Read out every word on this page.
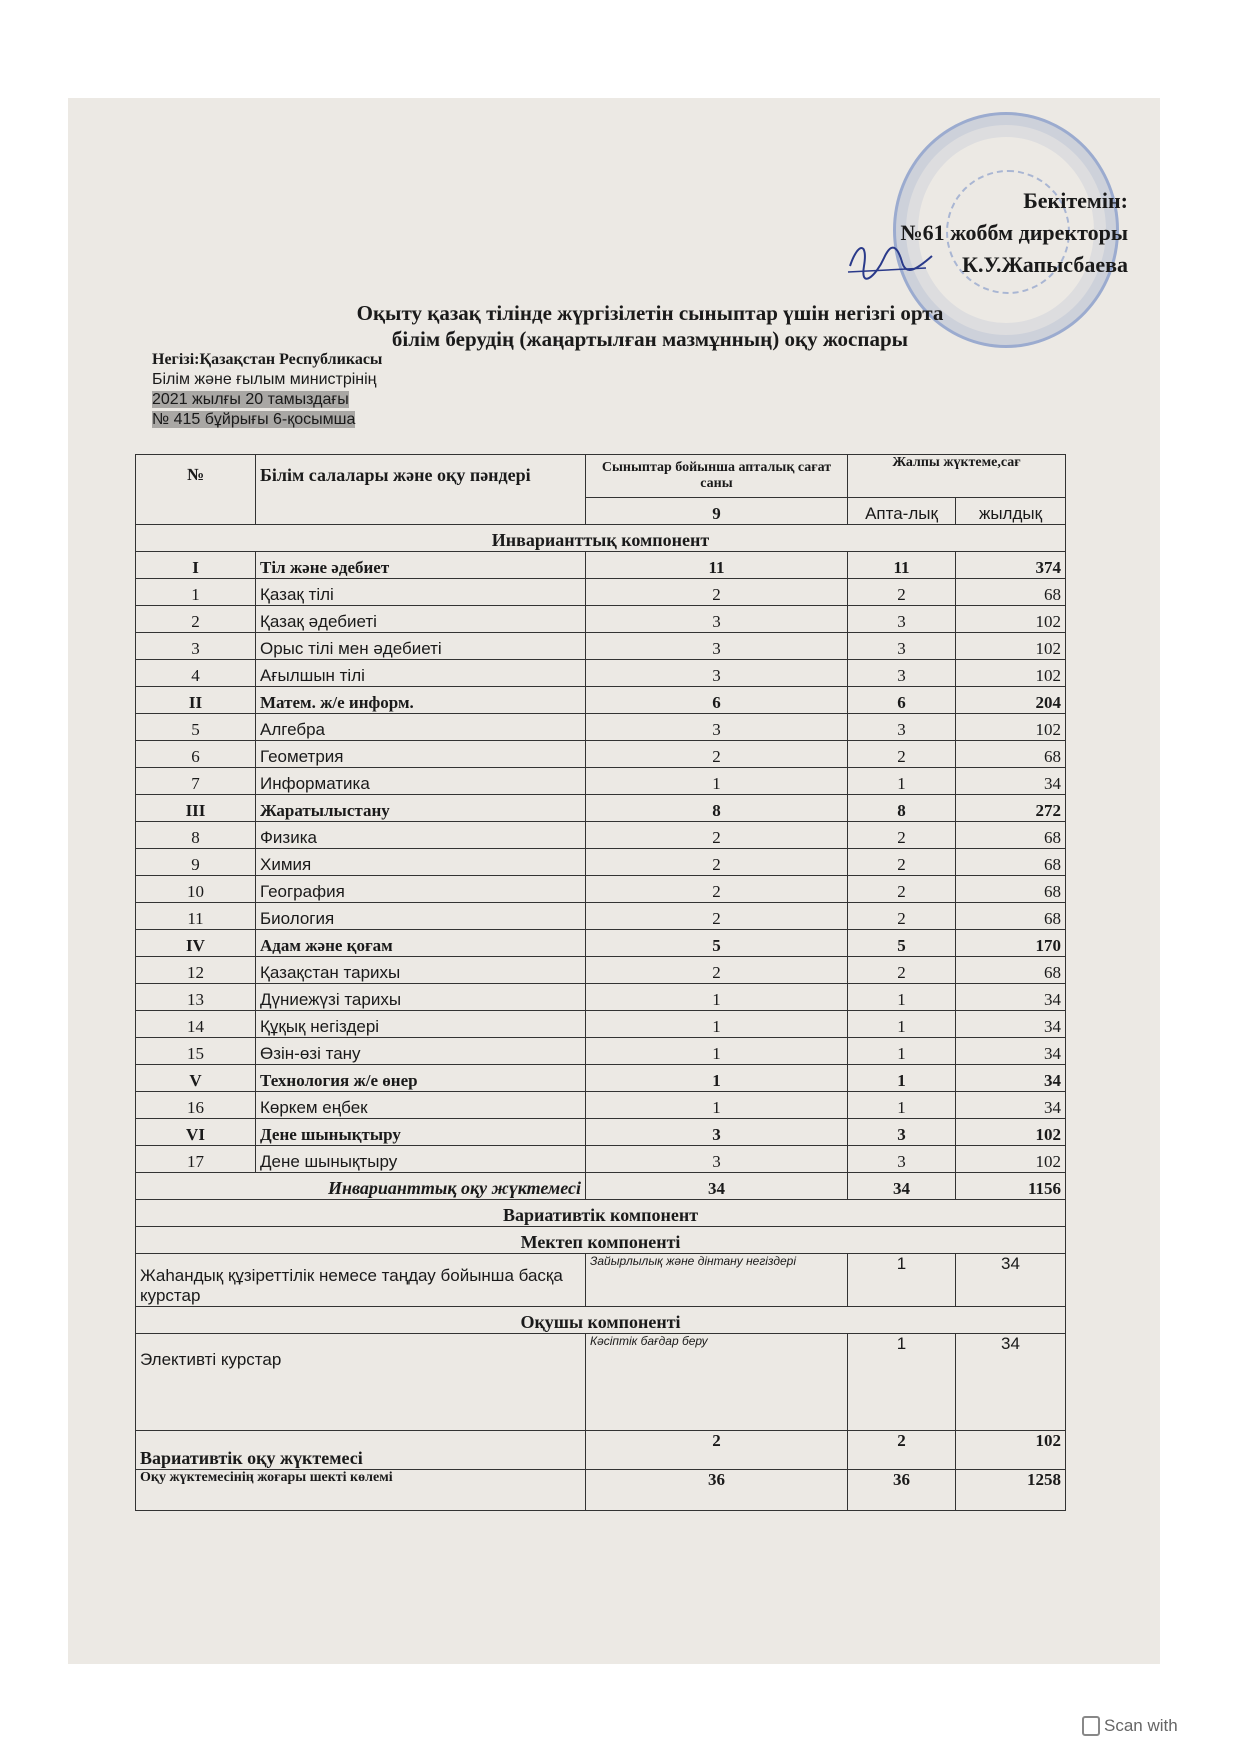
Бекітемін:
№61 жоббм директоры
К.У.Жапысбаева
Оқыту қазақ тілінде жүргізілетін сыныптар үшін негізгі орта
білім берудің (жаңартылған мазмұнның) оқу жоспары
Негізі:Қазақстан Республикасы
Білім және ғылым министрінің
2021 жылғы 20 тамыздағы
№ 415 бұйрығы 6-қосымша
№	Білім салалары және оқу пәндері	Сыныптар бойынша апталық сағат саны	Жалпы жүктеме,сағ	
		9	Апта-лық	жылдық
Инварианттық компонент				
I	Тіл және әдебиет	11	11	374
1	Қазақ тілі	2	2	68
2	Қазақ әдебиеті	3	3	102
3	Орыс тілі мен әдебиеті	3	3	102
4	Ағылшын тілі	3	3	102
II	Матем. ж/е информ.	6	6	204
5	Алгебра	3	3	102
6	Геометрия	2	2	68
7	Информатика	1	1	34
III	Жаратылыстану	8	8	272
8	Физика	2	2	68
9	Химия	2	2	68
10	География	2	2	68
11	Биология	2	2	68
IV	Адам және қоғам	5	5	170
12	Қазақстан тарихы	2	2	68
13	Дүниежүзі тарихы	1	1	34
14	Құқық негіздері	1	1	34
15	Өзін-өзі тану	1	1	34
V	Технология ж/е өнер	1	1	34
16	Көркем еңбек	1	1	34
VI	Дене шынықтыру	3	3	102
17	Дене шынықтыру	3	3	102
Инварианттық оқу жүктемесі		34	34	1156
Вариативтік компонент				
Мектеп компоненті				
Жаһандық құзіреттілік немесе таңдау бойынша басқа курстар		Зайырлылық және дінтану негіздері	1	34
Оқушы компоненті				
Элективті курстар		Кәсіптік бағдар беру	1	34
Вариативтік оқу жүктемесі		2	2	102
Оқу жүктемесінің жоғары шекті көлемі		36	36	1258
Scan with
